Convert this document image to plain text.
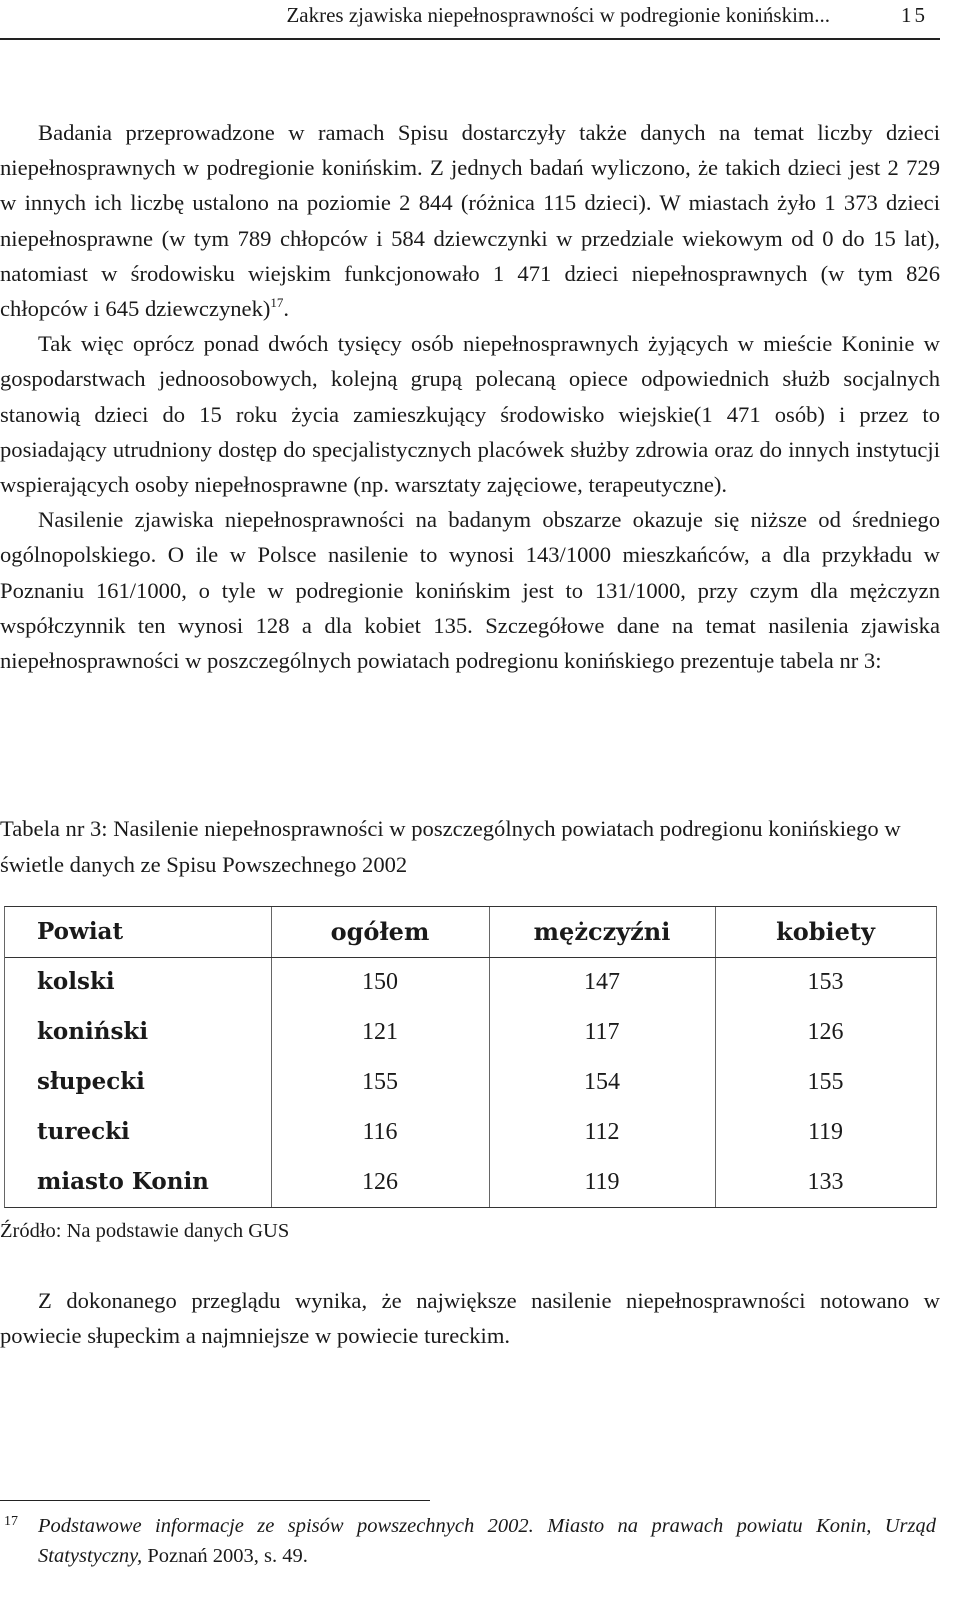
Zakres zjawiska niepełnosprawności w podregionie konińskim...	15

Badania przeprowadzone w ramach Spisu dostarczyły także danych na temat liczby dzieci niepełnosprawnych w podregionie konińskim. Z jednych badań wyliczono, że takich dzieci jest 2 729 w innych ich liczbę ustalono na poziomie 2 844 (różnica 115 dzieci). W miastach żyło 1 373 dzieci niepełnosprawne (w tym 789 chłopców i 584 dziewczynki w przedziale wiekowym od 0 do 15 lat), natomiast w środowisku wiejskim funkcjonowało 1 471 dzieci niepełnosprawnych (w tym 826 chłopców i 645 dziewczynek)$^{17}$.

Tak więc oprócz ponad dwóch tysięcy osób niepełnosprawnych żyjących w mieście Koninie w gospodarstwach jednoosobowych, kolejną grupą polecaną opiece odpowiednich służb socjalnych stanowią dzieci do 15 roku życia zamieszkujący środowisko wiejskie(1 471 osób) i przez to posiadający utrudniony dostęp do specjalistycznych placówek służby zdrowia oraz do innych instytucji wspierających osoby niepełnosprawne (np. warsztaty zajęciowe, terapeutyczne).

Nasilenie zjawiska niepełnosprawności na badanym obszarze okazuje się niższe od średniego ogólnopolskiego. O ile w Polsce nasilenie to wynosi 143/1000 mieszkańców, a dla przykładu w Poznaniu 161/1000, o tyle w podregionie konińskim jest to 131/1000, przy czym dla mężczyzn współczynnik ten wynosi 128 a dla kobiet 135. Szczegółowe dane na temat nasilenia zjawiska niepełnosprawności w poszczególnych powiatach podregionu konińskiego prezentuje tabela nr 3:

Tabela nr 3: Nasilenie niepełnosprawności w poszczególnych powiatach podregionu konińskiego w świetle danych ze Spisu Powszechnego 2002
Powiat	ogółem	mężczyźni	kobiety
kolski	150	147	153
koniński	121	117	126
słupecki	155	154	155
turecki	116	112	119
miasto Konin	126	119	133
Źródło: Na podstawie danych GUS

Z dokonanego przeglądu wynika, że największe nasilenie niepełnosprawności notowano w powiecie słupeckim a najmniejsze w powiecie tureckim.

17 Podstawowe informacje ze spisów powszechnych 2002. Miasto na prawach powiatu Konin, Urząd Statystyczny, Poznań 2003, s. 49.
